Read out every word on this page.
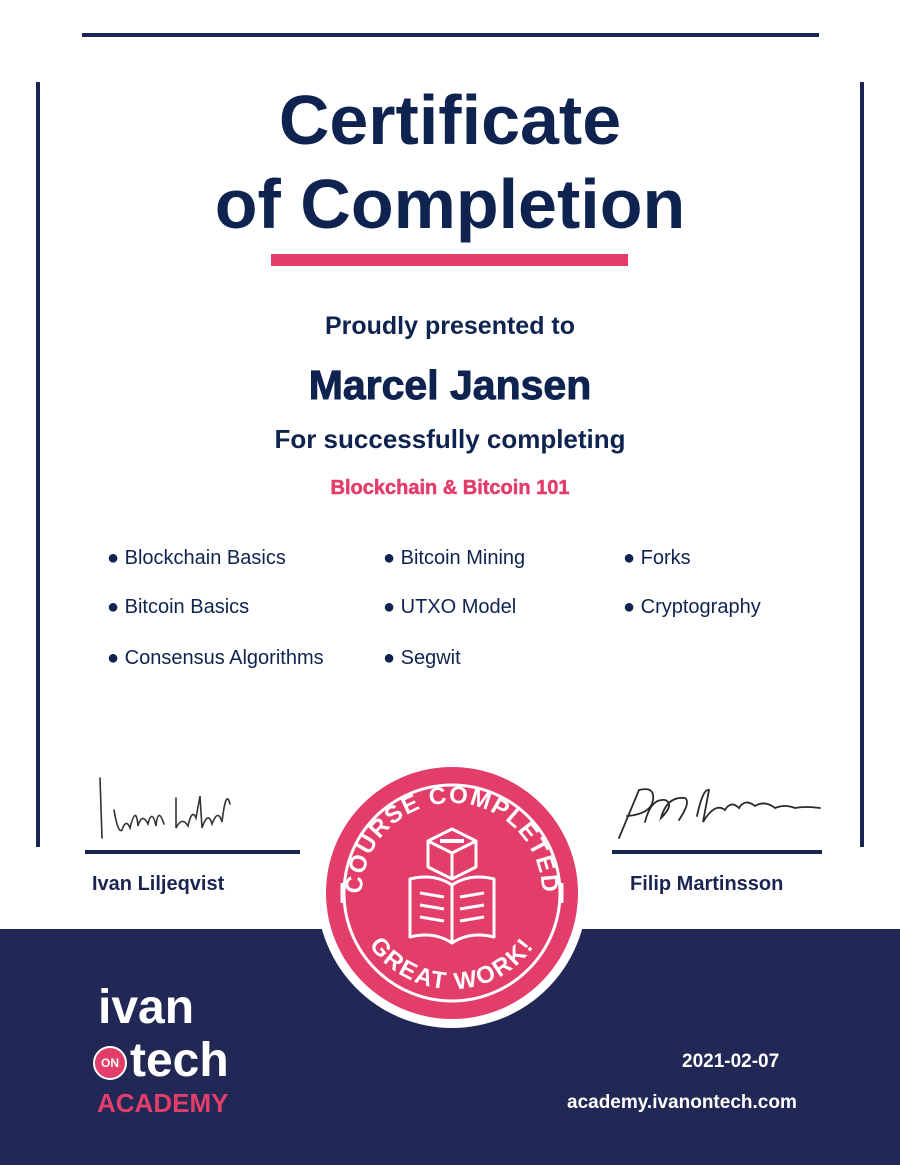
Certificate
of Completion
Proudly presented to
Marcel Jansen
For successfully completing
Blockchain & Bitcoin 101
● Blockchain Basics
● Bitcoin Basics
● Consensus Algorithms
● Bitcoin Mining
● UTXO Model
● Segwit
● Forks
● Cryptography
Ivan Liljeqvist	Filip Martinsson
COURSE COMPLETED
GREAT WORK!
ivan
ON tech
ACADEMY
2021-02-07
academy.ivanontech.com
